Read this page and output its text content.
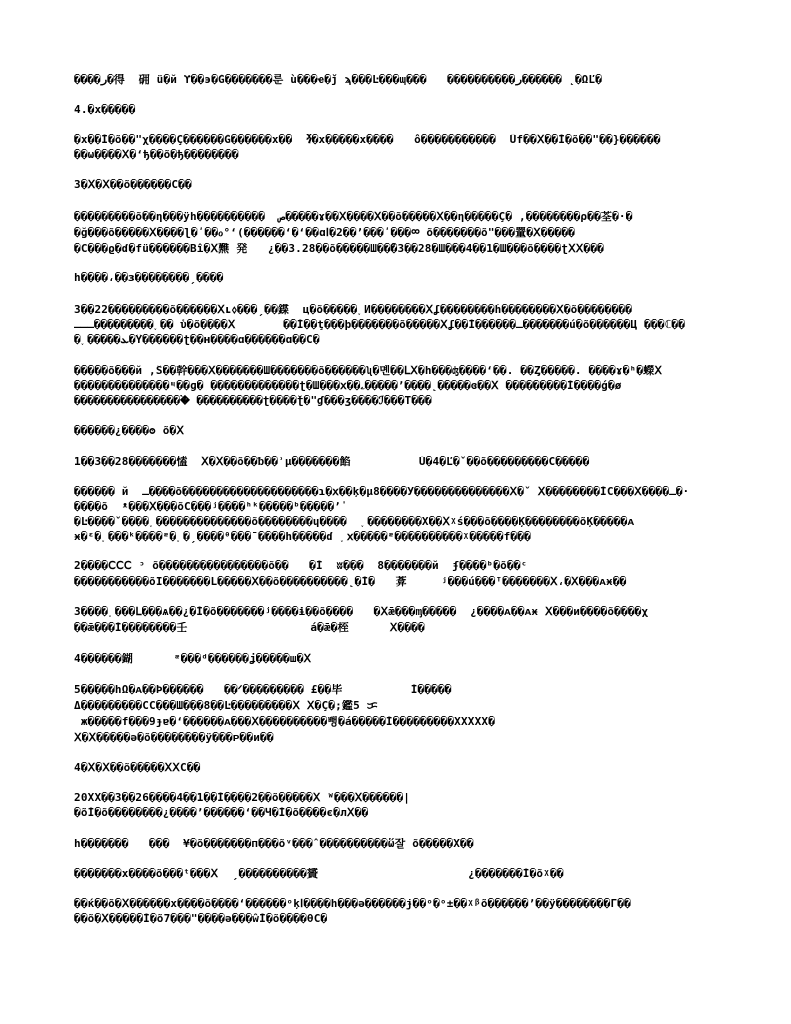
����ر�得  砽 ü�й ϒ��϶�Ǵ�������룬 ù���ҽ�ǰ ϡ���Ŀ���ɰ���   ����������ر������ ˛�ΩĽ�
4.�x�����
�x��Ĭ�õ��"χ����Ç������Ǵ������x��  ⷞ�x�����x����   ô�����������  Üf��Ⅹ��Ĭ�õ��"��}������
��ω����Ⅹ�ʻђ��õ�ђ��������
3�Ⅹ�Ⅹ��õ������C��
���������õ��η���ÿh����������  ص�����ɤ��Ⅹ����Ⅹ��õ�����Ⅹ��η�����Ç� ,��������ρ��荃�·�
�ğ���õ�����Ⅹ����ɭ�ʹ��ℴ°ʻ(������ʻ�ʻ��ɑⅠ�2��ʼ���ʹ���ᢁ õ�������õ"���罿�Ⅹ�����
�C���ϱ�ɗ�fü������Bî�Ⅹ㸐 発   ¿��3.28��õ�����Ш��̃�3��28�Ш���4��1�Ш���õ����ʈⅩⅩ���
h����،��ɜ��������ˏ����
3��22���������õ������Ⅹʟ⬨���ˏ��鍱  ц�õ�����˯И��������Ⅹʆ��������ȟ��������Ⅹ�õ��������
ـــ���������˯�� ὗ�õ����Ⅹ       ��Ĭ��ţ���þ�������õ�����Ⅹʆ��Ĭ������ـ�������ú�õ������Ц ���ℂ��
�˯�����ܥ�Ŷ������ʈ��ʜ����ɑ������ɑ��C�
�����õ���й ,Ŝ��幹���Ⅹ�������Ш�������õ������ʯ�몐��ⅬⅩ�h���ʤ����ʻ��. ��Ȥ�����. ����ɤ�ʰ�蠑Ⅹ
��������������ᶭ��ɡ� �������������ʈ�Ш���ⅹ��ۦ�����ʼ����˛�����ɞ��Ⅹ ���������Ĭ����ǵ�ø
�����������������ٝ ����������ʈ����̆ʈ�"ɠ���ʒ����ℐ���T���
������¿����ʘ õ�Ⅹ
1��3��28�������㥺  Ⅹ�Ⅹ��õ��ᵬ��ʾμ�������餡          Ŭ�4�Ľ�ˇ��õ���������C�����
������ й  ـ����õ��������������������ɿ�ⅹ��ķ�μ8����У��������������Ⅹ�ˇ Ⅹ��������ĬC���Ⅹ����ـ�·
����õ  ᵜ���Ⅹ���õC���ʲ����ʰᵏ�����ᵇ�����ʼ̍
�Ŀ����ˇ����˯��������������õ��������ɥ����  ˯��������X��Ⅹᵡś���õ����Ķ��������õĶ�����ᴀ
ӿ�ᵋ�˯���ᵏ����ᵆ�˯�ˏ����ᶿ���ˉ����h�����ɗ ˯ⅹ�����ᵆ����������ᵡ�����f���
2����ⅭⅭⅭ ᵓ õ����������������õ��   �Ĭ  ʬ���  8�������й  ʄ����ᵇ�õ��ᶜ
�����������õĪ�������L�����Ⅹ��õ����������˛�Ĭ�   葊     ʲ���ú���ᵀ�������Ⅹ،�Ⅹ���ᴀӿ��
3����˯���Ⅼ���ѧ��¿�Ĭ�õ�������ʲ����ɨ��õ����   �Ⅹǣ���ᶆ�����  ¿����ᴀ��ᴀӿ Ⅹ���и����õ����χ
��ǣ���Ĭ��������壬                  á�ǣ�桎      Ⅹ����
4������鍸      ᵆ���ᵈ������ʝ�����ш�Ⅹ
5�����hΩ�ᴀ��Þ������   ��ᐟ��������� £��毕          Ĭ�����
Δ���������CC���Ш���8��Ŀ���������Ⅹ Ⅹ�Ç�;鑑5 ᜃ
ж�����f���9ɟɐ�ʻ������ᴀ���Ⅹ����������뻥�á�����Ĭ���������XXXXX�
Ⅹ�Ⅹ�����ә�õ��������ÿ���ᴩ��и��
4�Ⅹ�Ⅹ��õ�����ⅩⅩC��
20XX��3��26����4��1��Ĭ����2��õ�����Ⅹ ᵂ���Ⅹ������|
�õĬ�õ��������¿����ʼ������ʻ��Ч�Ĭ�õ����є�лⅩ��
h�������   ���  ¥�õ�������ᴨ���õᵛ���ˆ����������ὥ잘 õ�����X��
�������x����õ���ᵗ���Ⅹ  ˏ����������贇                      ¿�������Ĭ�õᵡ��
��ќ��õ�Ⅹ������x����õ����ʻ������ᵒķⅠ����h���ə������ɉ��ᵒ�ᵒ±��ᵡᵝõ������ʼ��ÿ��������Γ��
��õ�Ⅹ�����Ĭ�õ7���"����ә���ŵĬ�õ����θC�
